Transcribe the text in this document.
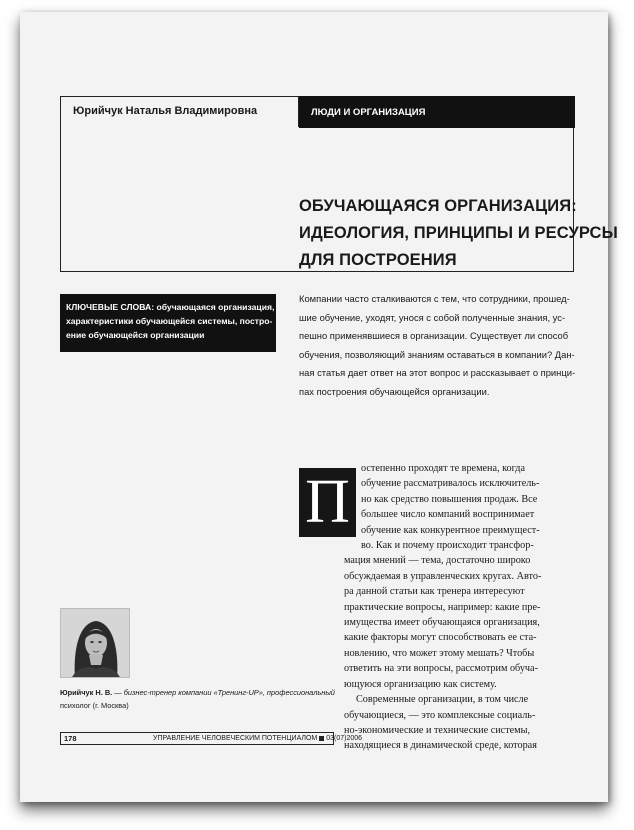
Юрийчук Наталья Владимировна	ЛЮДИ И ОРГАНИЗАЦИЯ
ОБУЧАЮЩАЯСЯ ОРГАНИЗАЦИЯ:
ИДЕОЛОГИЯ, ПРИНЦИПЫ И РЕСУРСЫ
ДЛЯ ПОСТРОЕНИЯ
КЛЮЧЕВЫЕ СЛОВА: обучающаяся организация,
характеристики обучающейся системы, постро-
ение обучающейся организации
Компании часто сталкиваются с тем, что сотрудники, прошед-
шие обучение, уходят, унося с собой полученные знания, ус-
пешно применявшиеся в организации. Существует ли способ
обучения, позволяющий знаниям оставаться в компании? Дан-
ная статья дает ответ на этот вопрос и рассказывает о принци-
пах построения обучающейся организации.
П	остепенно проходят те времена, когда
обучение рассматривалось исключитель-
но как средство повышения продаж. Все
большее число компаний воспринимает
обучение как конкурентное преимущест-
во. Как и почему происходит трансфор-
мация мнений — тема, достаточно широко
обсуждаемая в управленческих кругах. Авто-
ра данной статьи как тренера интересуют
практические вопросы, например: какие пре-
имущества имеет обучающаяся организация,
какие факторы могут способствовать ее ста-
новлению, что может этому мешать? Чтобы
ответить на эти вопросы, рассмотрим обуча-
ющуюся организацию как систему.
Современные организации, в том числе
обучающиеся, — это комплексные социаль-
но-экономические и технические системы,
находящиеся в динамической среде, которая
Юрийчук Н. В. — бизнес-тренер компании «Тренинг-UP», профессиональный
психолог (г. Москва)
178	УПРАВЛЕНИЕ ЧЕЛОВЕЧЕСКИМ ПОТЕНЦИАЛОМ 03(07)2006
